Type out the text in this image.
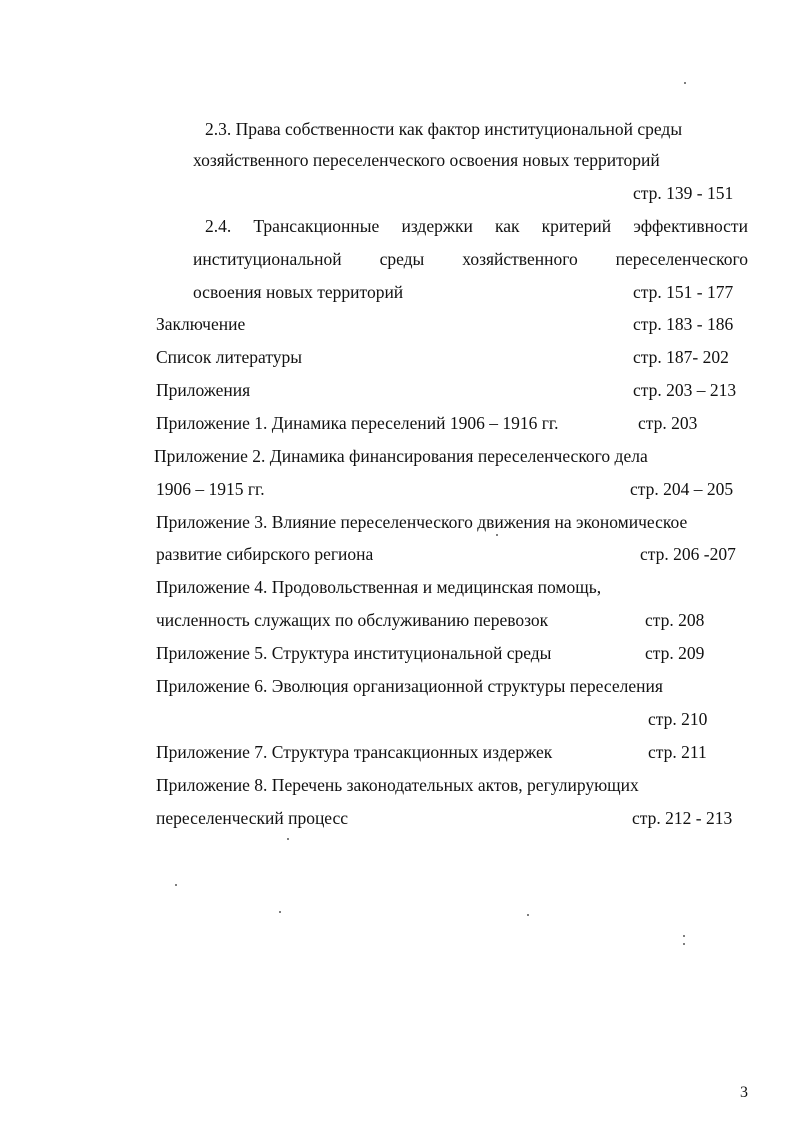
2.3. Права собственности как фактор институциональной среды
хозяйственного переселенческого освоения новых территорий
стр. 139 - 151
2.4. Трансакционные издержки как критерий эффективности
институциональной среды хозяйственного переселенческого
освоения новых территорий	стр. 151 - 177
Заключение	стр. 183 - 186
Список литературы	стр. 187- 202
Приложения	стр. 203 – 213
Приложение 1. Динамика переселений 1906 – 1916 гг.	стр. 203
Приложение 2. Динамика финансирования переселенческого дела
1906 – 1915 гг.	стр. 204 – 205
Приложение 3. Влияние переселенческого движения на экономическое
развитие сибирского региона	стр. 206 -207
Приложение 4. Продовольственная и медицинская помощь,
численность служащих по обслуживанию перевозок	стр. 208
Приложение 5. Структура институциональной среды	стр. 209
Приложение 6. Эволюция организационной структуры переселения
стр. 210
Приложение 7. Структура трансакционных издержек	стр. 211
Приложение 8. Перечень законодательных актов, регулирующих
переселенческий процесс	стр. 212 - 213
3
